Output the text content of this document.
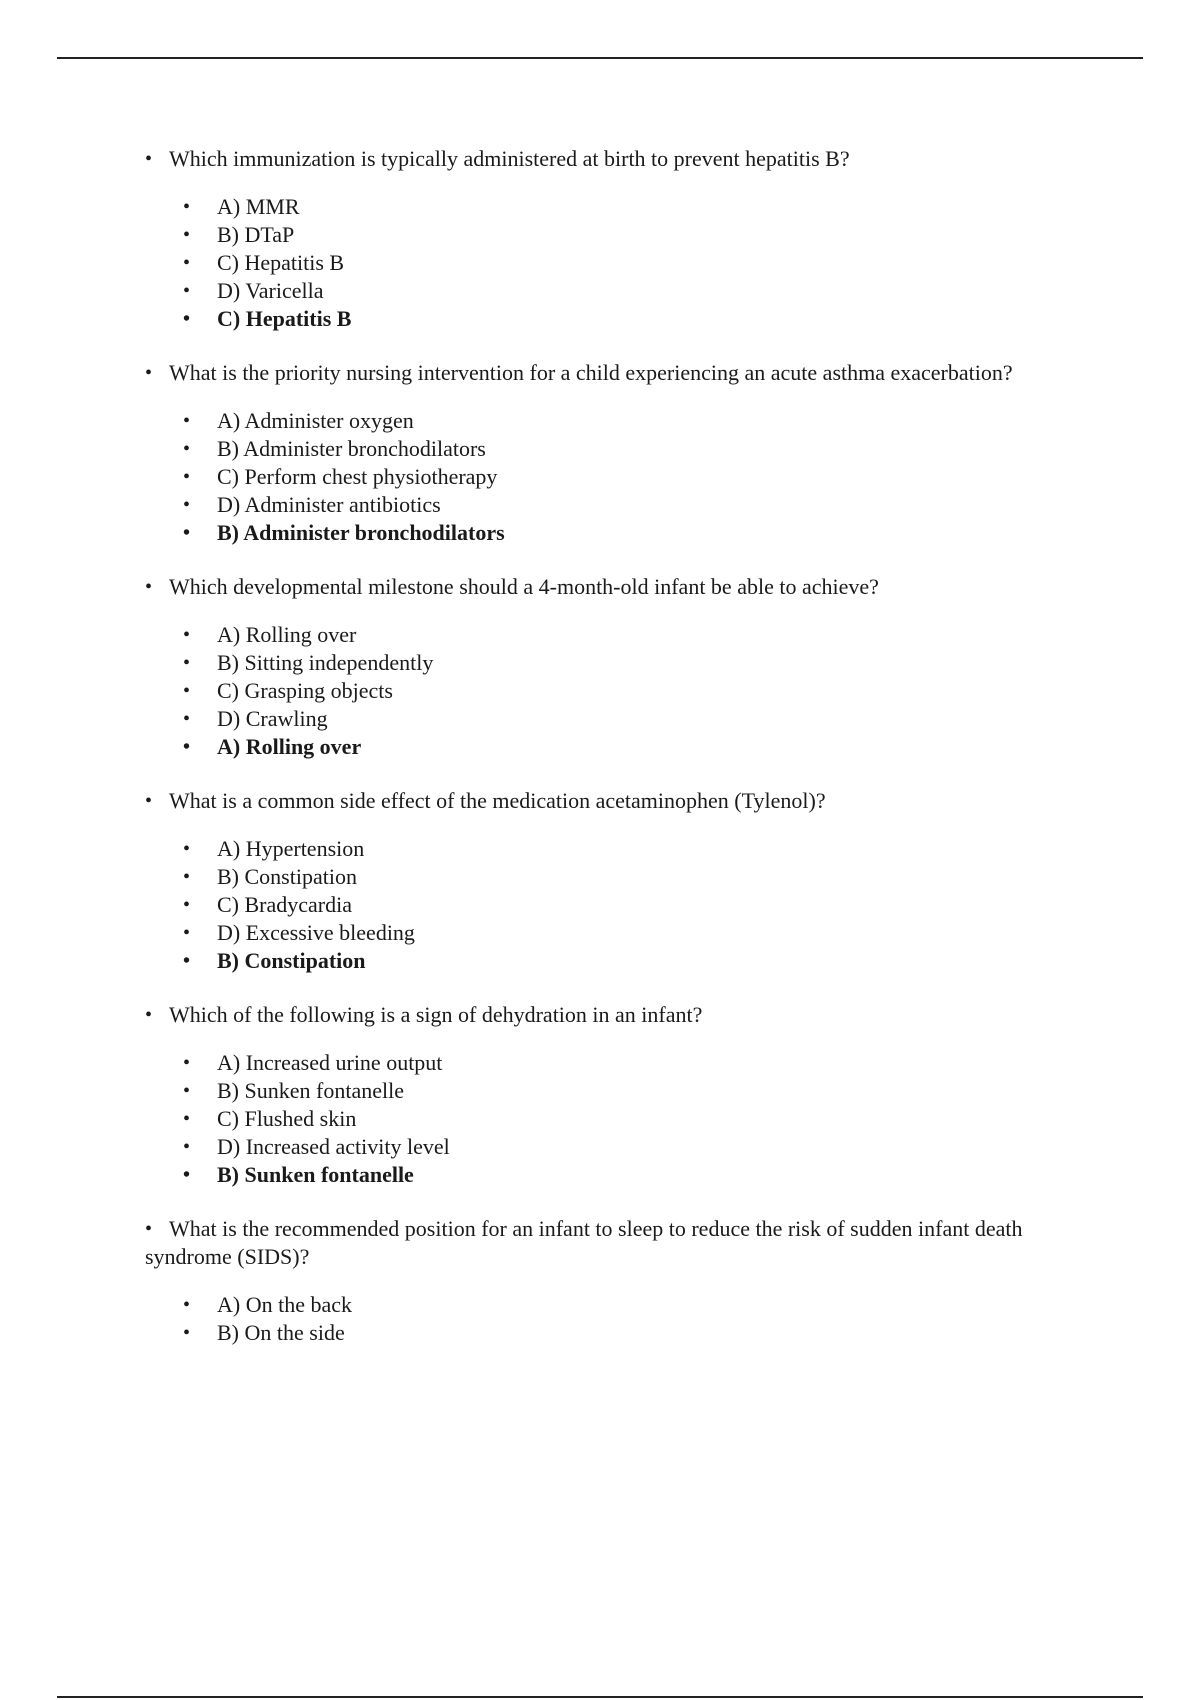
• Which immunization is typically administered at birth to prevent hepatitis B?

•	A) MMR
•	B) DTaP
•	C) Hepatitis B
•	D) Varicella
•	C) Hepatitis B

• What is the priority nursing intervention for a child experiencing an acute asthma exacerbation?

•	A) Administer oxygen
•	B) Administer bronchodilators
•	C) Perform chest physiotherapy
•	D) Administer antibiotics
•	B) Administer bronchodilators

• Which developmental milestone should a 4-month-old infant be able to achieve?

•	A) Rolling over
•	B) Sitting independently
•	C) Grasping objects
•	D) Crawling
•	A) Rolling over

• What is a common side effect of the medication acetaminophen (Tylenol)?

•	A) Hypertension
•	B) Constipation
•	C) Bradycardia
•	D) Excessive bleeding
•	B) Constipation

• Which of the following is a sign of dehydration in an infant?

•	A) Increased urine output
•	B) Sunken fontanelle
•	C) Flushed skin
•	D) Increased activity level
•	B) Sunken fontanelle

• What is the recommended position for an infant to sleep to reduce the risk of sudden infant death syndrome (SIDS)?

•	A) On the back
•	B) On the side
